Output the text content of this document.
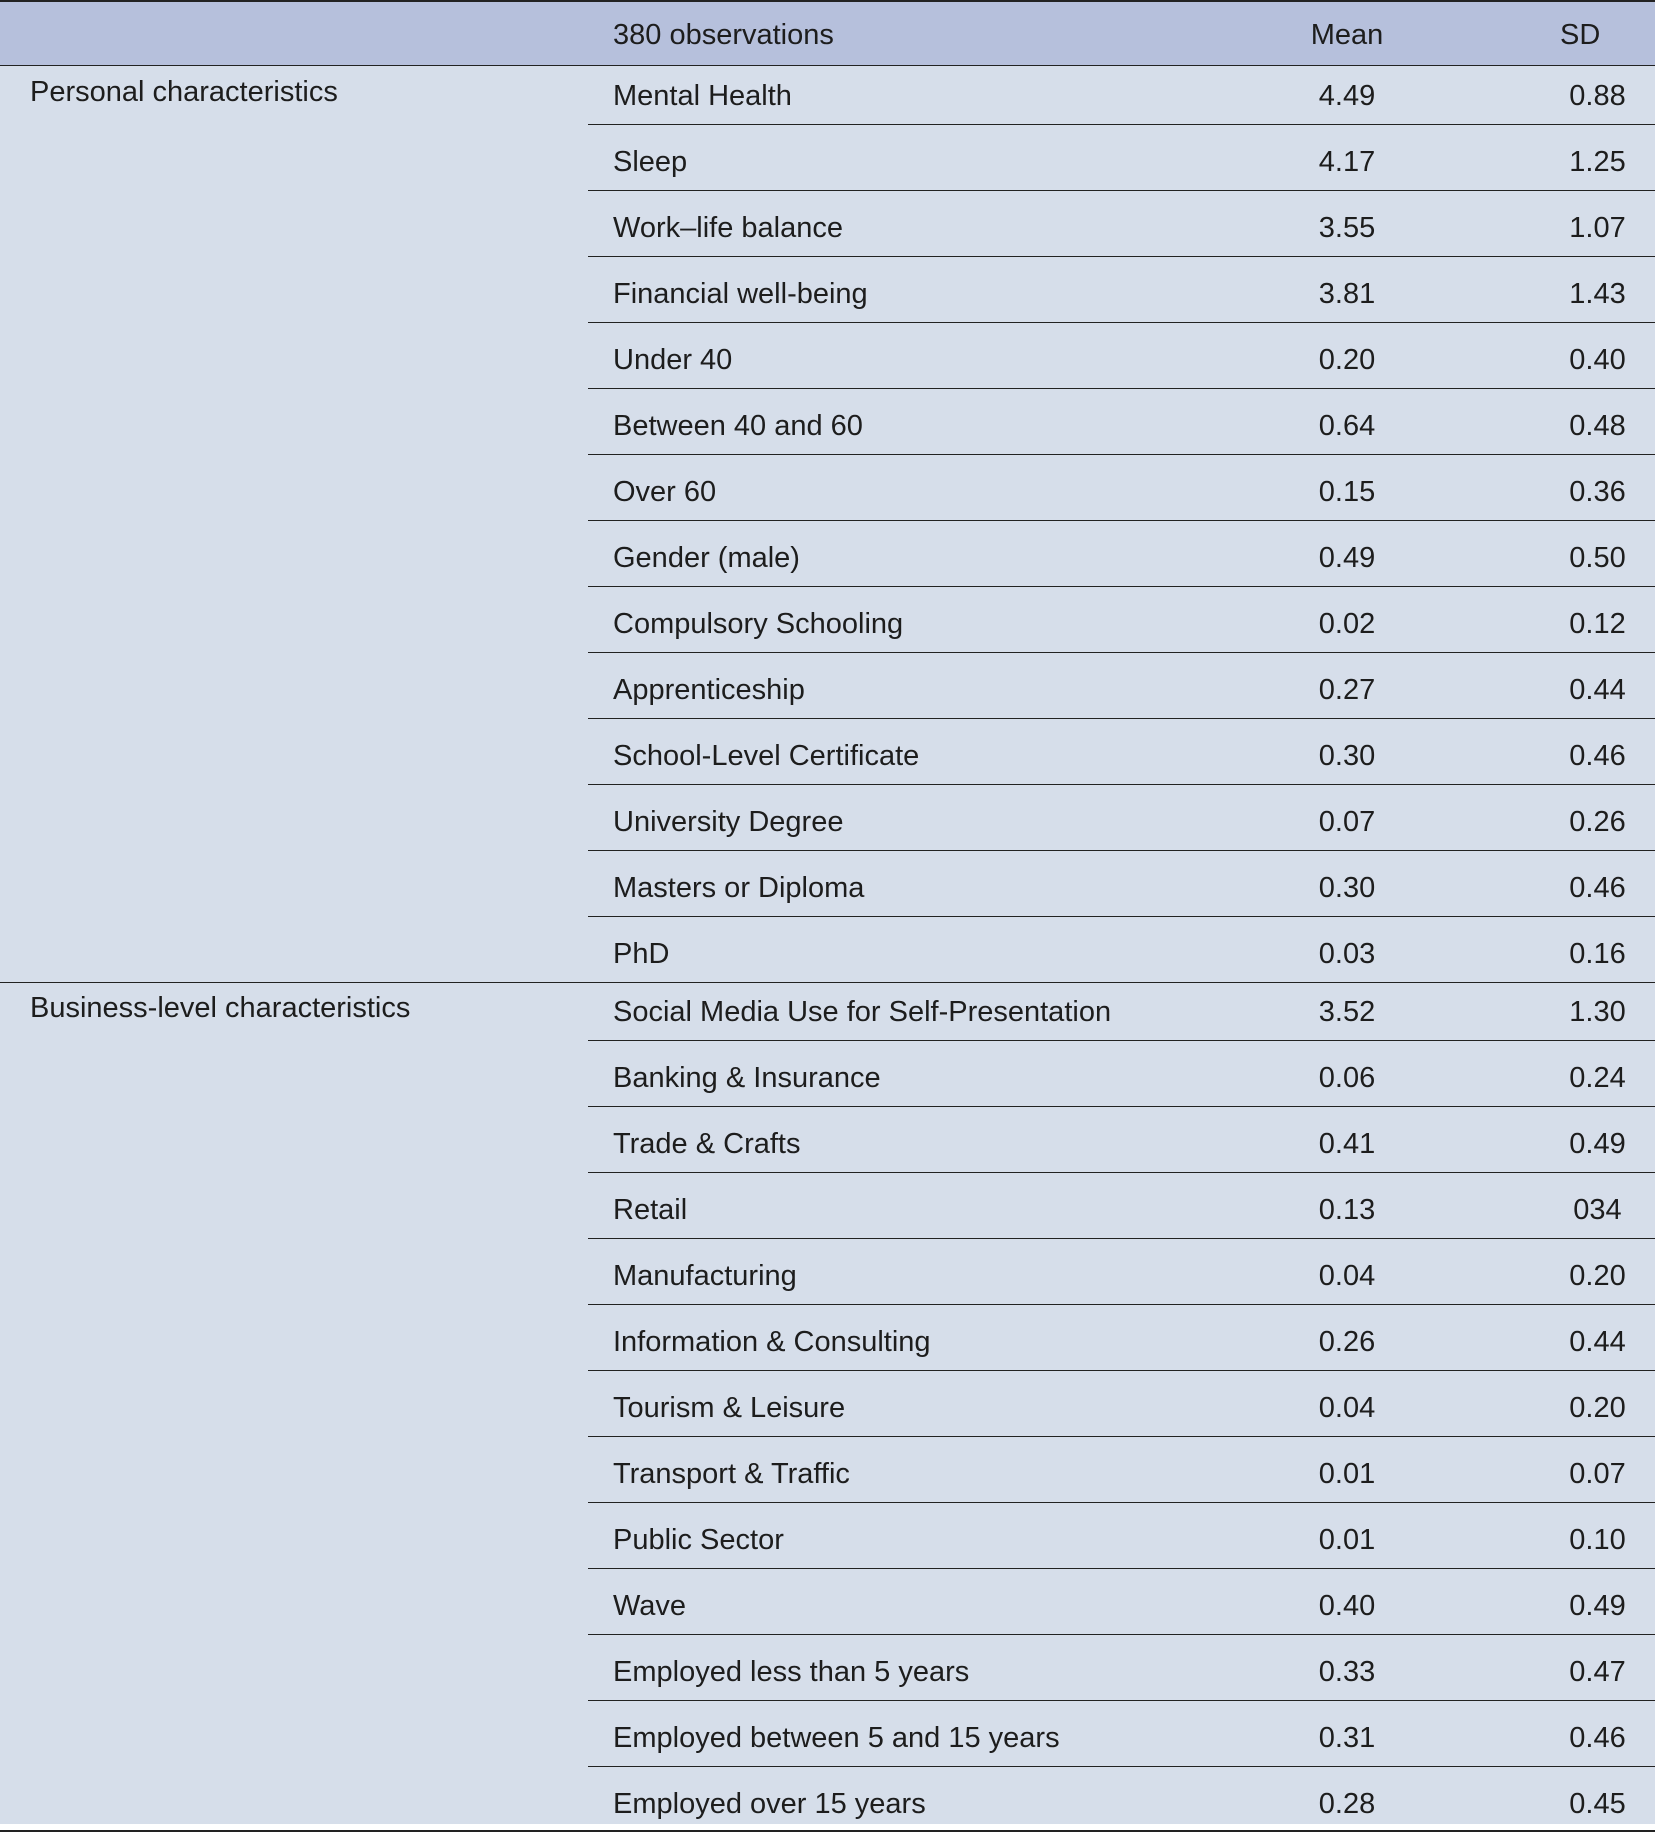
380 observations	Mean	SD
Personal characteristics	Mental Health	4.49	0.88
Sleep	4.17	1.25
Work–life balance	3.55	1.07
Financial well-being	3.81	1.43
Under 40	0.20	0.40
Between 40 and 60	0.64	0.48
Over 60	0.15	0.36
Gender (male)	0.49	0.50
Compulsory Schooling	0.02	0.12
Apprenticeship	0.27	0.44
School-Level Certificate	0.30	0.46
University Degree	0.07	0.26
Masters or Diploma	0.30	0.46
PhD	0.03	0.16
Business-level characteristics	Social Media Use for Self-Presentation	3.52	1.30
Banking & Insurance	0.06	0.24
Trade & Crafts	0.41	0.49
Retail	0.13	034
Manufacturing	0.04	0.20
Information & Consulting	0.26	0.44
Tourism & Leisure	0.04	0.20
Transport & Traffic	0.01	0.07
Public Sector	0.01	0.10
Wave	0.40	0.49
Employed less than 5 years	0.33	0.47
Employed between 5 and 15 years	0.31	0.46
Employed over 15 years	0.28	0.45
